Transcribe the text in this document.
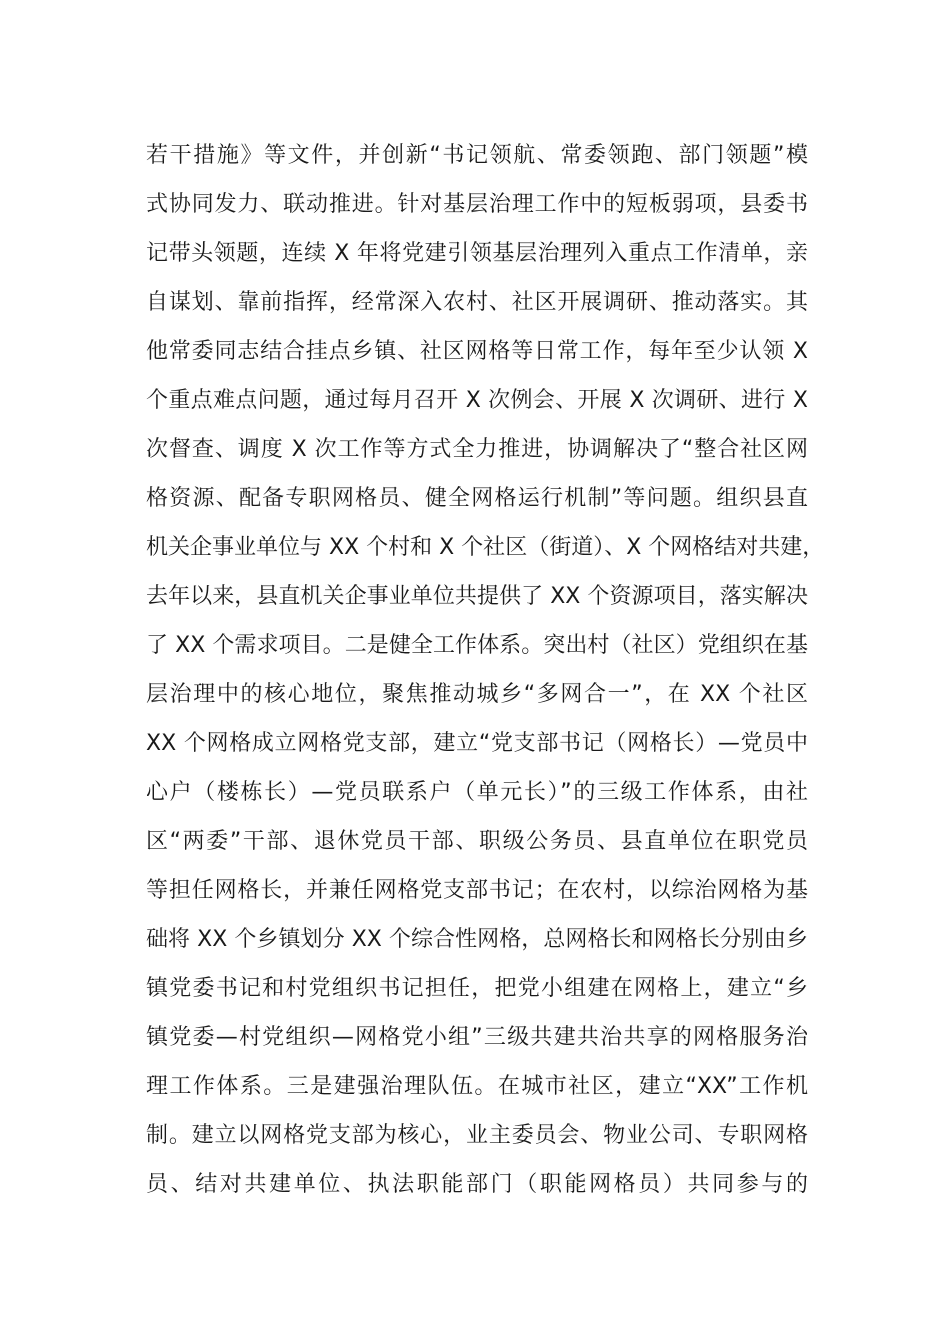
若干措施》等文件，并创新“书记领航、常委领跑、部门领题”模
式协同发力、联动推进。针对基层治理工作中的短板弱项，县委书
记带头领题，连续 X 年将党建引领基层治理列入重点工作清单，亲
自谋划、靠前指挥，经常深入农村、社区开展调研、推动落实。其
他常委同志结合挂点乡镇、社区网格等日常工作，每年至少认领 X
个重点难点问题，通过每月召开 X 次例会、开展 X 次调研、进行 X
次督查、调度 X 次工作等方式全力推进，协调解决了“整合社区网
格资源、配备专职网格员、健全网格运行机制”等问题。组织县直
机关企事业单位与 XX 个村和 X 个社区（街道）、X 个网格结对共建，
去年以来，县直机关企事业单位共提供了 XX 个资源项目，落实解决
了 XX 个需求项目。二是健全工作体系。突出村（社区）党组织在基
层治理中的核心地位，聚焦推动城乡“多网合一”，在 XX 个社区
XX 个网格成立网格党支部，建立“党支部书记（网格长）—党员中
心户（楼栋长）—党员联系户（单元长）”的三级工作体系，由社
区“两委”干部、退休党员干部、职级公务员、县直单位在职党员
等担任网格长，并兼任网格党支部书记；在农村，以综治网格为基
础将 XX 个乡镇划分 XX 个综合性网格，总网格长和网格长分别由乡
镇党委书记和村党组织书记担任，把党小组建在网格上，建立“乡
镇党委—村党组织—网格党小组”三级共建共治共享的网格服务治
理工作体系。三是建强治理队伍。在城市社区，建立“XX”工作机
制。建立以网格党支部为核心，业主委员会、物业公司、专职网格
员、结对共建单位、执法职能部门（职能网格员）共同参与的
